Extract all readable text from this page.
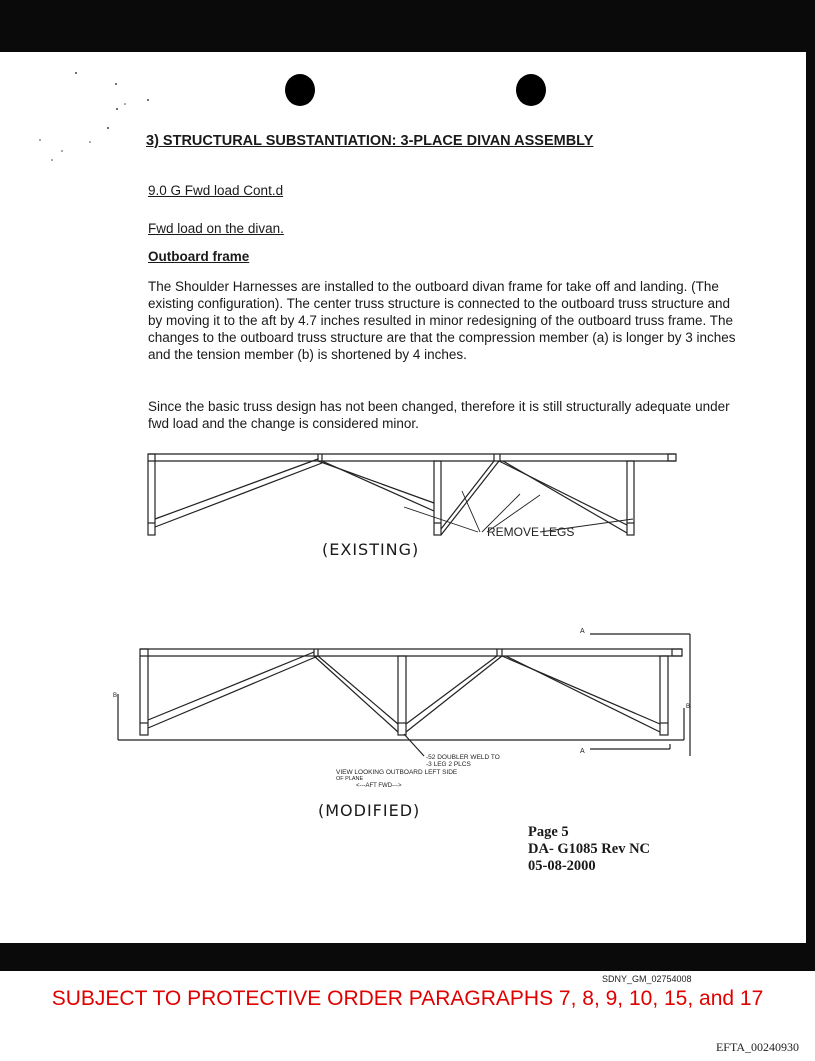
3) STRUCTURAL SUBSTANTIATION: 3-PLACE DIVAN ASSEMBLY
9.0 G Fwd load Cont.d
Fwd load on the divan.
Outboard frame

The Shoulder Harnesses are installed to the outboard divan frame for take off and landing. (The existing configuration). The center truss structure is connected to the outboard truss structure and by moving it to the aft by 4.7 inches resulted in minor redesigning of the outboard truss frame. The changes to the outboard truss structure are that the compression member (a) is longer by 3 inches and the tension member (b) is shortened by 4 inches.

Since the basic truss design has not been changed, therefore it is still structurally adequate under fwd load and the change is considered minor.

REMOVE LEGS
(EXISTING)
A
A
B
B
-52 DOUBLER WELD TO
-3 LEG 2 PLCS
VIEW LOOKING OUTBOARD LEFT SIDE
OF PLANE
<---AFT FWD--->
(MODIFIED)
Page 5
DA- G1085 Rev NC
05-08-2000
SDNY_GM_02754008
SUBJECT TO PROTECTIVE ORDER PARAGRAPHS 7, 8, 9, 10, 15, and 17
EFTA_00240930
